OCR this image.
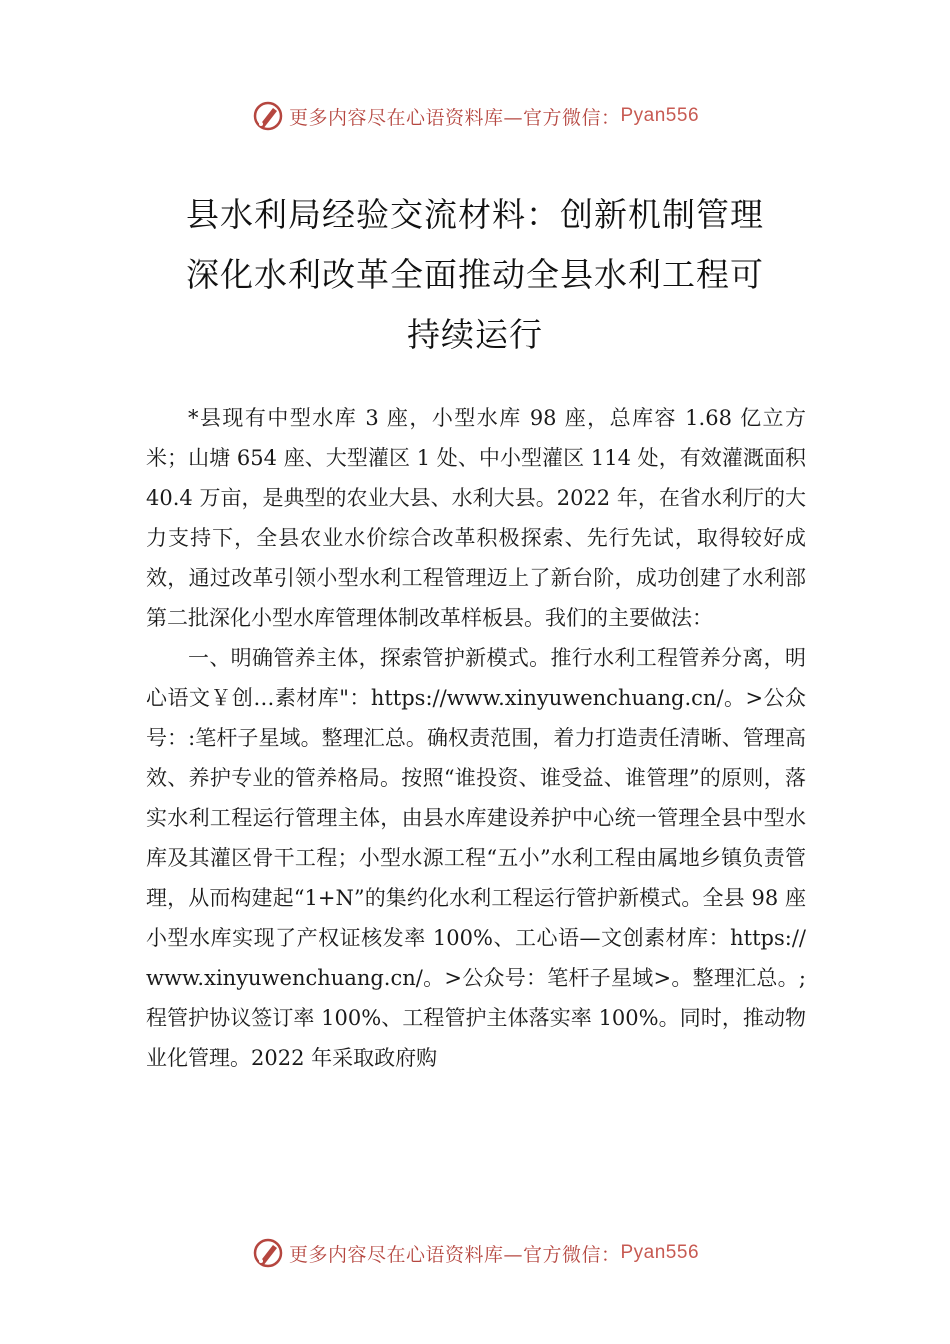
更多内容尽在心语资料库—官方微信： Pyan556
县水利局经验交流材料：创新机制管理
深化水利改革全面推动全县水利工程可
持续运行

*县现有中型水库 3 座，小型水库 98 座，总库容 1.68 亿立方米；山塘 654 座、大型灌区 1 处、中小型灌区 114 处，有效灌溉面积 40.4 万亩，是典型的农业大县、水利大县。2022 年，在省水利厅的大力支持下，全县农业水价综合改革积极探索、先行先试，取得较好成效，通过改革引领小型水利工程管理迈上了新台阶，成功创建了水利部第二批深化小型水库管理体制改革样板县。我们的主要做法：

一、明确管养主体，探索管护新模式。推行水利工程管养分离，明心语文￥创…素材库"：https://www.xinyuwenchuang.cn/。>公众号：:笔杆子星域。整理汇总。确权责范围，着力打造责任清晰、管理高效、养护专业的管养格局。按照“谁投资、谁受益、谁管理”的原则，落实水利工程运行管理主体，由县水库建设养护中心统一管理全县中型水库及其灌区骨干工程；小型水源工程“五小”水利工程由属地乡镇负责管理，从而构建起“1+N”的集约化水利工程运行管护新模式。全县 98 座小型水库实现了产权证核发率 100%、工心语—文创素材库：https://www.xinyuwenchuang.cn/。>公众号：笔杆子星域>。整理汇总。;程管护协议签订率 100%、工程管护主体落实率 100%。同时，推动物业化管理。2022 年采取政府购

更多内容尽在心语资料库—官方微信： Pyan556
